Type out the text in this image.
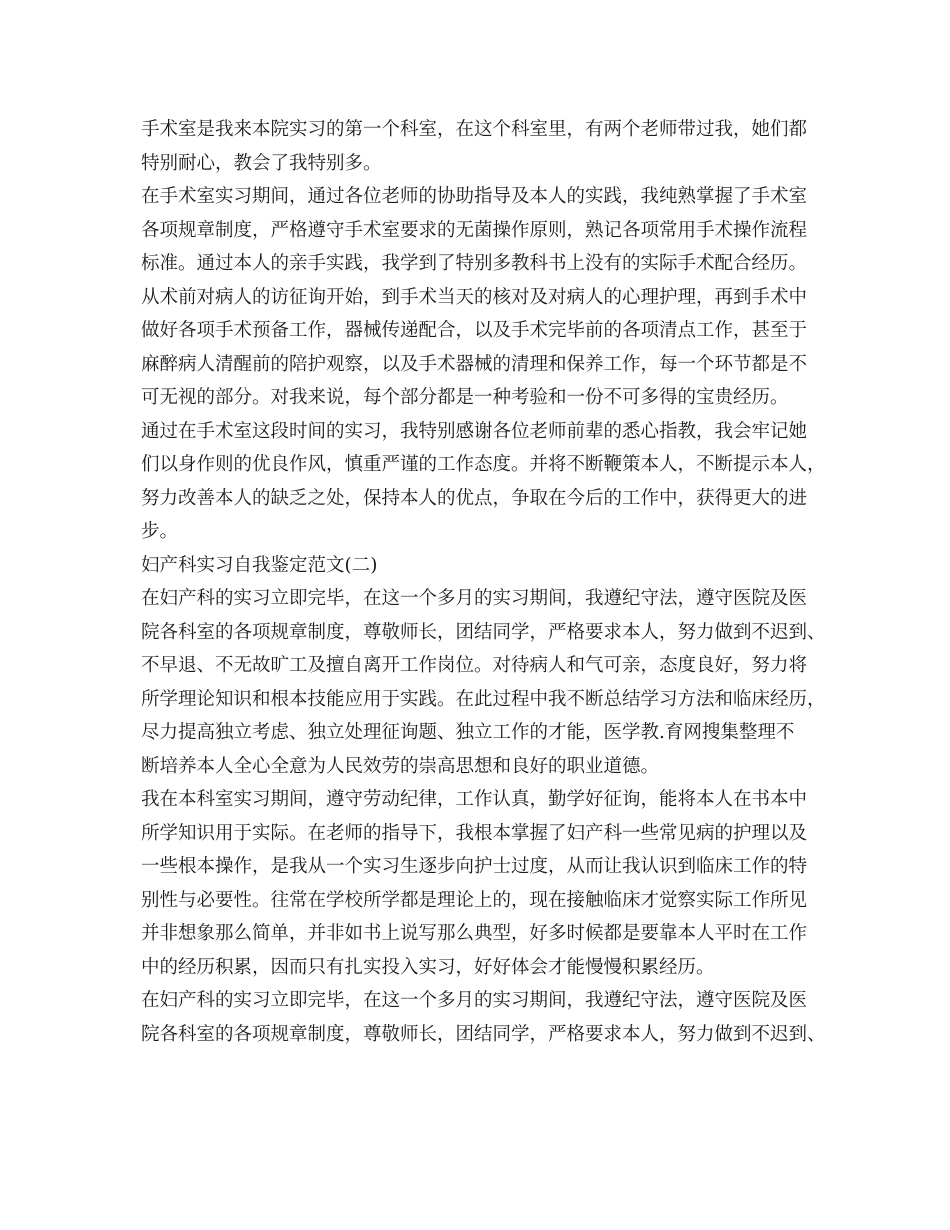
手术室是我来本院实习的第一个科室，在这个科室里，有两个老师带过我，她们都
特别耐心，教会了我特别多。
在手术室实习期间，通过各位老师的协助指导及本人的实践，我纯熟掌握了手术室
各项规章制度，严格遵守手术室要求的无菌操作原则，熟记各项常用手术操作流程
标准。通过本人的亲手实践，我学到了特别多教科书上没有的实际手术配合经历。
从术前对病人的访征询开始，到手术当天的核对及对病人的心理护理，再到手术中
做好各项手术预备工作，器械传递配合，以及手术完毕前的各项清点工作，甚至于
麻醉病人清醒前的陪护观察，以及手术器械的清理和保养工作，每一个环节都是不
可无视的部分。对我来说，每个部分都是一种考验和一份不可多得的宝贵经历。
通过在手术室这段时间的实习，我特别感谢各位老师前辈的悉心指教，我会牢记她
们以身作则的优良作风，慎重严谨的工作态度。并将不断鞭策本人，不断提示本人，
努力改善本人的缺乏之处，保持本人的优点，争取在今后的工作中，获得更大的进
步。
妇产科实习自我鉴定范文(二)
在妇产科的实习立即完毕，在这一个多月的实习期间，我遵纪守法，遵守医院及医
院各科室的各项规章制度，尊敬师长，团结同学，严格要求本人，努力做到不迟到、
不早退、不无故旷工及擅自离开工作岗位。对待病人和气可亲，态度良好，努力将
所学理论知识和根本技能应用于实践。在此过程中我不断总结学习方法和临床经历，
尽力提高独立考虑、独立处理征询题、独立工作的才能，医学教.育网搜集整理不
断培养本人全心全意为人民效劳的崇高思想和良好的职业道德。
我在本科室实习期间，遵守劳动纪律，工作认真，勤学好征询，能将本人在书本中
所学知识用于实际。在老师的指导下，我根本掌握了妇产科一些常见病的护理以及
一些根本操作，是我从一个实习生逐步向护士过度，从而让我认识到临床工作的特
别性与必要性。往常在学校所学都是理论上的，现在接触临床才觉察实际工作所见
并非想象那么简单，并非如书上说写那么典型，好多时候都是要靠本人平时在工作
中的经历积累，因而只有扎实投入实习，好好体会才能慢慢积累经历。
在妇产科的实习立即完毕，在这一个多月的实习期间，我遵纪守法，遵守医院及医
院各科室的各项规章制度，尊敬师长，团结同学，严格要求本人，努力做到不迟到、
